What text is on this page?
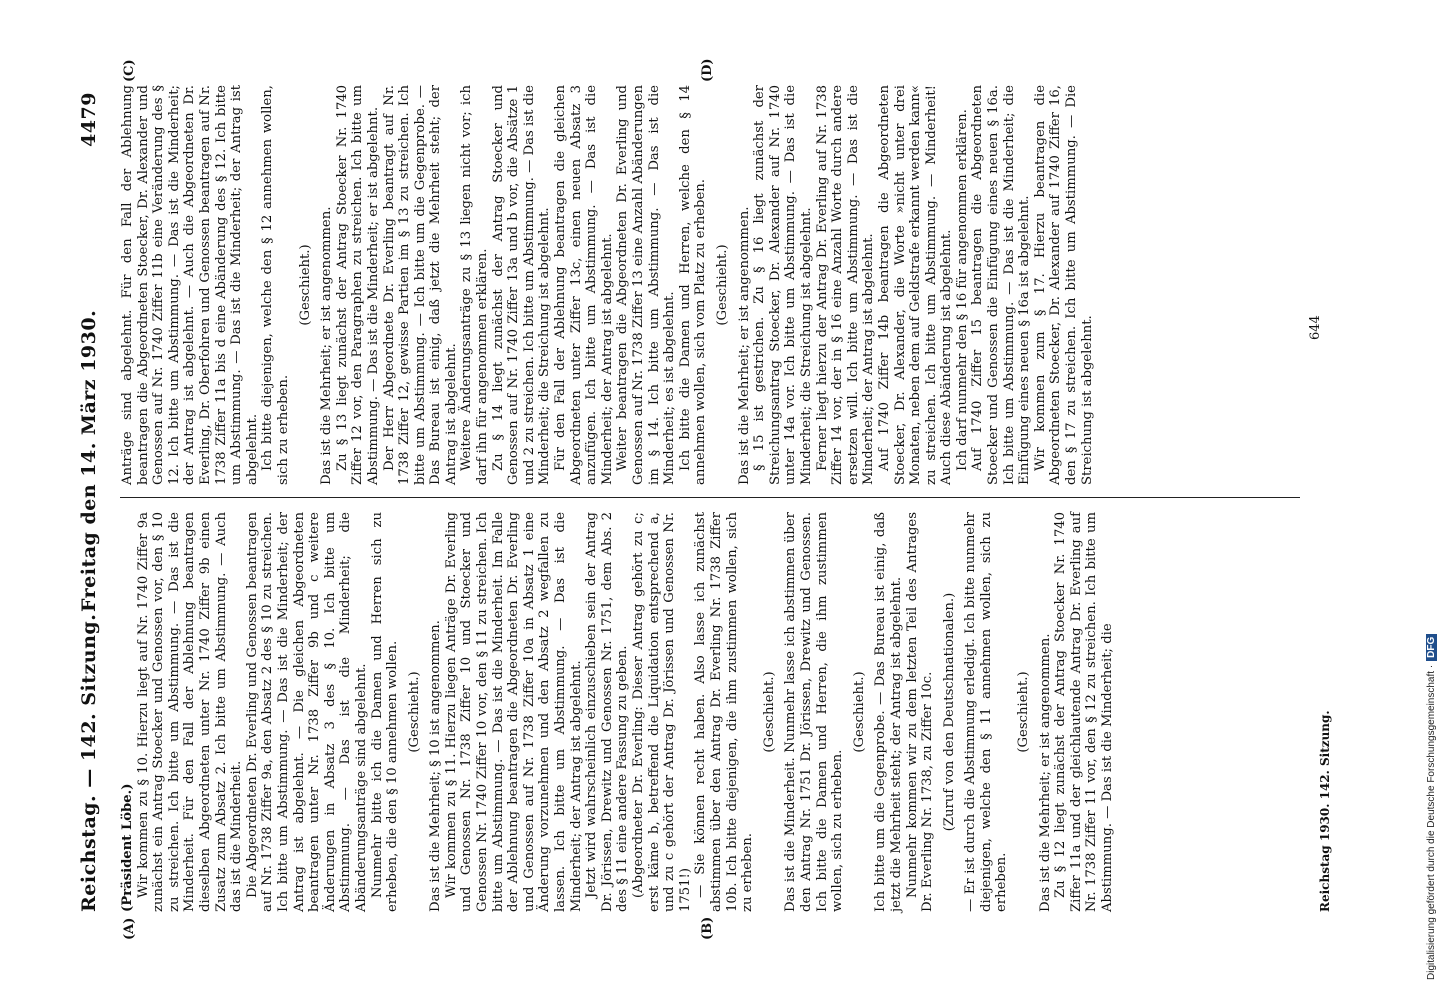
Reichstag. — 142. Sitzung.
Freitag den 14. März 1930.
4479
(A)	(B)
(C)	(D)

(Präsident Löbe.) Wir kommen zu § 10. Hierzu liegt auf Nr. 1740 Ziffer 9a zunächst ein Antrag Stoecker und Genossen vor, den § 10 zu streichen. Ich bitte um Abstimmung. — Das ist die Minderheit. Für den Fall der Ablehnung beantragen dieselben Abgeordneten unter Nr. 1740 Ziffer 9b einen Zusatz zum Absatz 2. Ich bitte um Abstimmung. — Auch das ist die Minderheit. Die Abgeordneten Dr. Everling und Genossen beantragen auf Nr. 1738 Ziffer 9a, den Absatz 2 des § 10 zu streichen. Ich bitte um Abstimmung. — Das ist die Minderheit; der Antrag ist abgelehnt. — Die gleichen Abgeordneten beantragen unter Nr. 1738 Ziffer 9b und c weitere Änderungen in Absatz 3 des § 10. Ich bitte um Abstimmung. — Das ist die Minderheit; die Abänderungsanträge sind abgelehnt. Nunmehr bitte ich die Damen und Herren sich zu erheben, die den § 10 annehmen wollen. (Geschieht.) Das ist die Mehrheit; § 10 ist angenommen. Wir kommen zu § 11. Hierzu liegen Anträge Dr. Everling und Genossen Nr. 1738 Ziffer 10 und Stoecker und Genossen Nr. 1740 Ziffer 10 vor, den § 11 zu streichen. Ich bitte um Abstimmung. — Das ist die Minderheit. Im Falle der Ablehnung beantragen die Abgeordneten Dr. Everling und Genossen auf Nr. 1738 Ziffer 10a in Absatz 1 eine Änderung vorzunehmen und den Absatz 2 wegfallen zu lassen. Ich bitte um Abstimmung. — Das ist die Minderheit; der Antrag ist abgelehnt. Jetzt wird wahrscheinlich einzuschieben sein der Antrag Dr. Jörissen, Drewitz und Genossen Nr. 1751, dem Abs. 2 des § 11 eine andere Fassung zu geben. (Abgeordneter Dr. Everling: Dieser Antrag gehört zu c; erst käme b, betreffend die Liquidation entsprechend a, und zu c gehört der Antrag Dr. Jörissen und Genossen Nr. 1751!) — Sie können recht haben. Also lasse ich zunächst abstimmen über den Antrag Dr. Everling Nr. 1738 Ziffer 10b. Ich bitte diejenigen, die ihm zustimmen wollen, sich zu erheben.

(Geschieht.) Das ist die Minderheit. Nunmehr lasse ich abstimmen über den Antrag Nr. 1751 Dr. Jörissen, Drewitz und Genossen. Ich bitte die Damen und Herren, die ihm zustimmen wollen, sich zu erheben.

(Geschieht.) Ich bitte um die Gegenprobe. — Das Bureau ist einig, daß jetzt die Mehrheit steht; der Antrag ist abgelehnt. Nunmehr kommen wir zu dem letzten Teil des Antrages Dr. Everling Nr. 1738, zu Ziffer 10c. (Zuruf von den Deutschnationalen.) — Er ist durch die Abstimmung erledigt. Ich bitte nunmehr diejenigen, welche den § 11 annehmen wollen, sich zu erheben.

(Geschieht.) Das ist die Mehrheit; er ist angenommen. Zu § 12 liegt zunächst der Antrag Stoecker Nr. 1740 Ziffer 11a und der gleichlautende Antrag Dr. Everling auf Nr. 1738 Ziffer 11 vor, den § 12 zu streichen. Ich bitte um Abstimmung. — Das ist die Minderheit; die

Anträge sind abgelehnt. Für den Fall der Ablehnung beantragen die Abgeordneten Stoecker, Dr. Alexander und Genossen auf Nr. 1740 Ziffer 11b eine Veränderung des § 12. Ich bitte um Abstimmung. — Das ist die Minderheit; der Antrag ist abgelehnt. — Auch die Abgeordneten Dr. Everling, Dr. Oberfohren und Genossen beantragen auf Nr. 1738 Ziffer 11a bis d eine Abänderung des § 12. Ich bitte um Abstimmung. — Das ist die Minderheit; der Antrag ist abgelehnt. Ich bitte diejenigen, welche den § 12 annehmen wollen, sich zu erheben.

(Geschieht.) Das ist die Mehrheit; er ist angenommen. Zu § 13 liegt zunächst der Antrag Stoecker Nr. 1740 Ziffer 12 vor, den Paragraphen zu streichen. Ich bitte um Abstimmung. — Das ist die Minderheit; er ist abgelehnt. Der Herr Abgeordnete Dr. Everling beantragt auf Nr. 1738 Ziffer 12, gewisse Partien im § 13 zu streichen. Ich bitte um Abstimmung. — Ich bitte um die Gegenprobe. — Das Bureau ist einig, daß jetzt die Mehrheit steht; der Antrag ist abgelehnt. Weitere Änderungsanträge zu § 13 liegen nicht vor; ich darf ihn für angenommen erklären. Zu § 14 liegt zunächst der Antrag Stoecker und Genossen auf Nr. 1740 Ziffer 13a und b vor, die Absätze 1 und 2 zu streichen. Ich bitte um Abstimmung. — Das ist die Minderheit; die Streichung ist abgelehnt. Für den Fall der Ablehnung beantragen die gleichen Abgeordneten unter Ziffer 13c, einen neuen Absatz 3 anzufügen. Ich bitte um Abstimmung. — Das ist die Minderheit; der Antrag ist abgelehnt. Weiter beantragen die Abgeordneten Dr. Everling und Genossen auf Nr. 1738 Ziffer 13 eine Anzahl Abänderungen im § 14. Ich bitte um Abstimmung. — Das ist die Minderheit; es ist abgelehnt. Ich bitte die Damen und Herren, welche den § 14 annehmen wollen, sich vom Platz zu erheben. (Geschieht.) Das ist die Mehrheit; er ist angenommen. § 15 ist gestrichen. Zu § 16 liegt zunächst der Streichungsantrag Stoecker, Dr. Alexander auf Nr. 1740 unter 14a vor. Ich bitte um Abstimmung. — Das ist die Minderheit; die Streichung ist abgelehnt. Ferner liegt hierzu der Antrag Dr. Everling auf Nr. 1738 Ziffer 14 vor, der in § 16 eine Anzahl Worte durch andere ersetzen will. Ich bitte um Abstimmung. — Das ist die Minderheit; der Antrag ist abgelehnt. Auf 1740 Ziffer 14b beantragen die Abgeordneten Stoecker, Dr. Alexander, die Worte »nicht unter drei Monaten, neben dem auf Geldstrafe erkannt werden kann« zu streichen. Ich bitte um Abstimmung. — Minderheit! Auch diese Abänderung ist abgelehnt. Ich darf nunmehr den § 16 für angenommen erklären. Auf 1740 Ziffer 15 beantragen die Abgeordneten Stoecker und Genossen die Einfügung eines neuen § 16a. Ich bitte um Abstimmung. — Das ist die Minderheit; die Einfügung eines neuen § 16a ist abgelehnt. Wir kommen zum § 17. Hierzu beantragen die Abgeordneten Stoecker, Dr. Alexander auf 1740 Ziffer 16, den § 17 zu streichen. Ich bitte um Abstimmung. — Die Streichung ist abgelehnt.

Reichstag 1930. 142. Sitzung.
644
Digitalisierung gefördert durch die Deutsche Forschungsgemeinschaft ·DFG
